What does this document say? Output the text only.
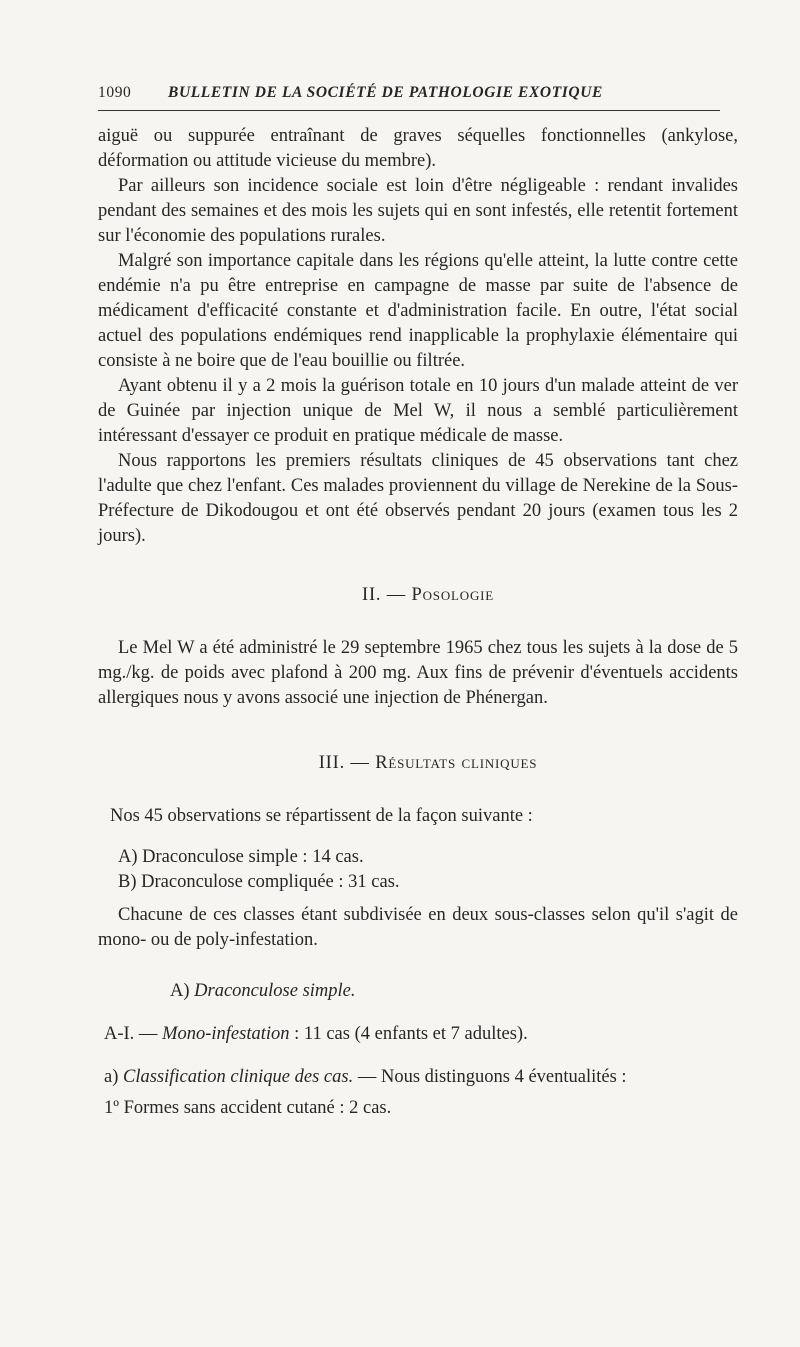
1090	BULLETIN DE LA SOCIÉTÉ DE PATHOLOGIE EXOTIQUE

aiguë ou suppurée entraînant de graves séquelles fonctionnelles (ankylose, déformation ou attitude vicieuse du membre).

Par ailleurs son incidence sociale est loin d'être négligeable : rendant invalides pendant des semaines et des mois les sujets qui en sont infestés, elle retentit fortement sur l'économie des populations rurales.

Malgré son importance capitale dans les régions qu'elle atteint, la lutte contre cette endémie n'a pu être entreprise en campagne de masse par suite de l'absence de médicament d'efficacité constante et d'administration facile. En outre, l'état social actuel des populations endémiques rend inapplicable la prophylaxie élémentaire qui consiste à ne boire que de l'eau bouillie ou filtrée.

Ayant obtenu il y a 2 mois la guérison totale en 10 jours d'un malade atteint de ver de Guinée par injection unique de Mel W, il nous a semblé particulièrement intéressant d'essayer ce produit en pratique médicale de masse.

Nous rapportons les premiers résultats cliniques de 45 observations tant chez l'adulte que chez l'enfant. Ces malades proviennent du village de Nerekine de la Sous-Préfecture de Dikodougou et ont été observés pendant 20 jours (examen tous les 2 jours).

II. — Posologie

Le Mel W a été administré le 29 septembre 1965 chez tous les sujets à la dose de 5 mg./kg. de poids avec plafond à 200 mg. Aux fins de prévenir d'éventuels accidents allergiques nous y avons associé une injection de Phénergan.

III. — Résultats cliniques

Nos 45 observations se répartissent de la façon suivante :

A) Draconculose simple : 14 cas.

B) Draconculose compliquée : 31 cas.

Chacune de ces classes étant subdivisée en deux sous-classes selon qu'il s'agit de mono- ou de poly-infestation.

A) Draconculose simple.

A-I. — Mono-infestation : 11 cas (4 enfants et 7 adultes).

a) Classification clinique des cas. — Nous distinguons 4 éventualités :

1º Formes sans accident cutané : 2 cas.
